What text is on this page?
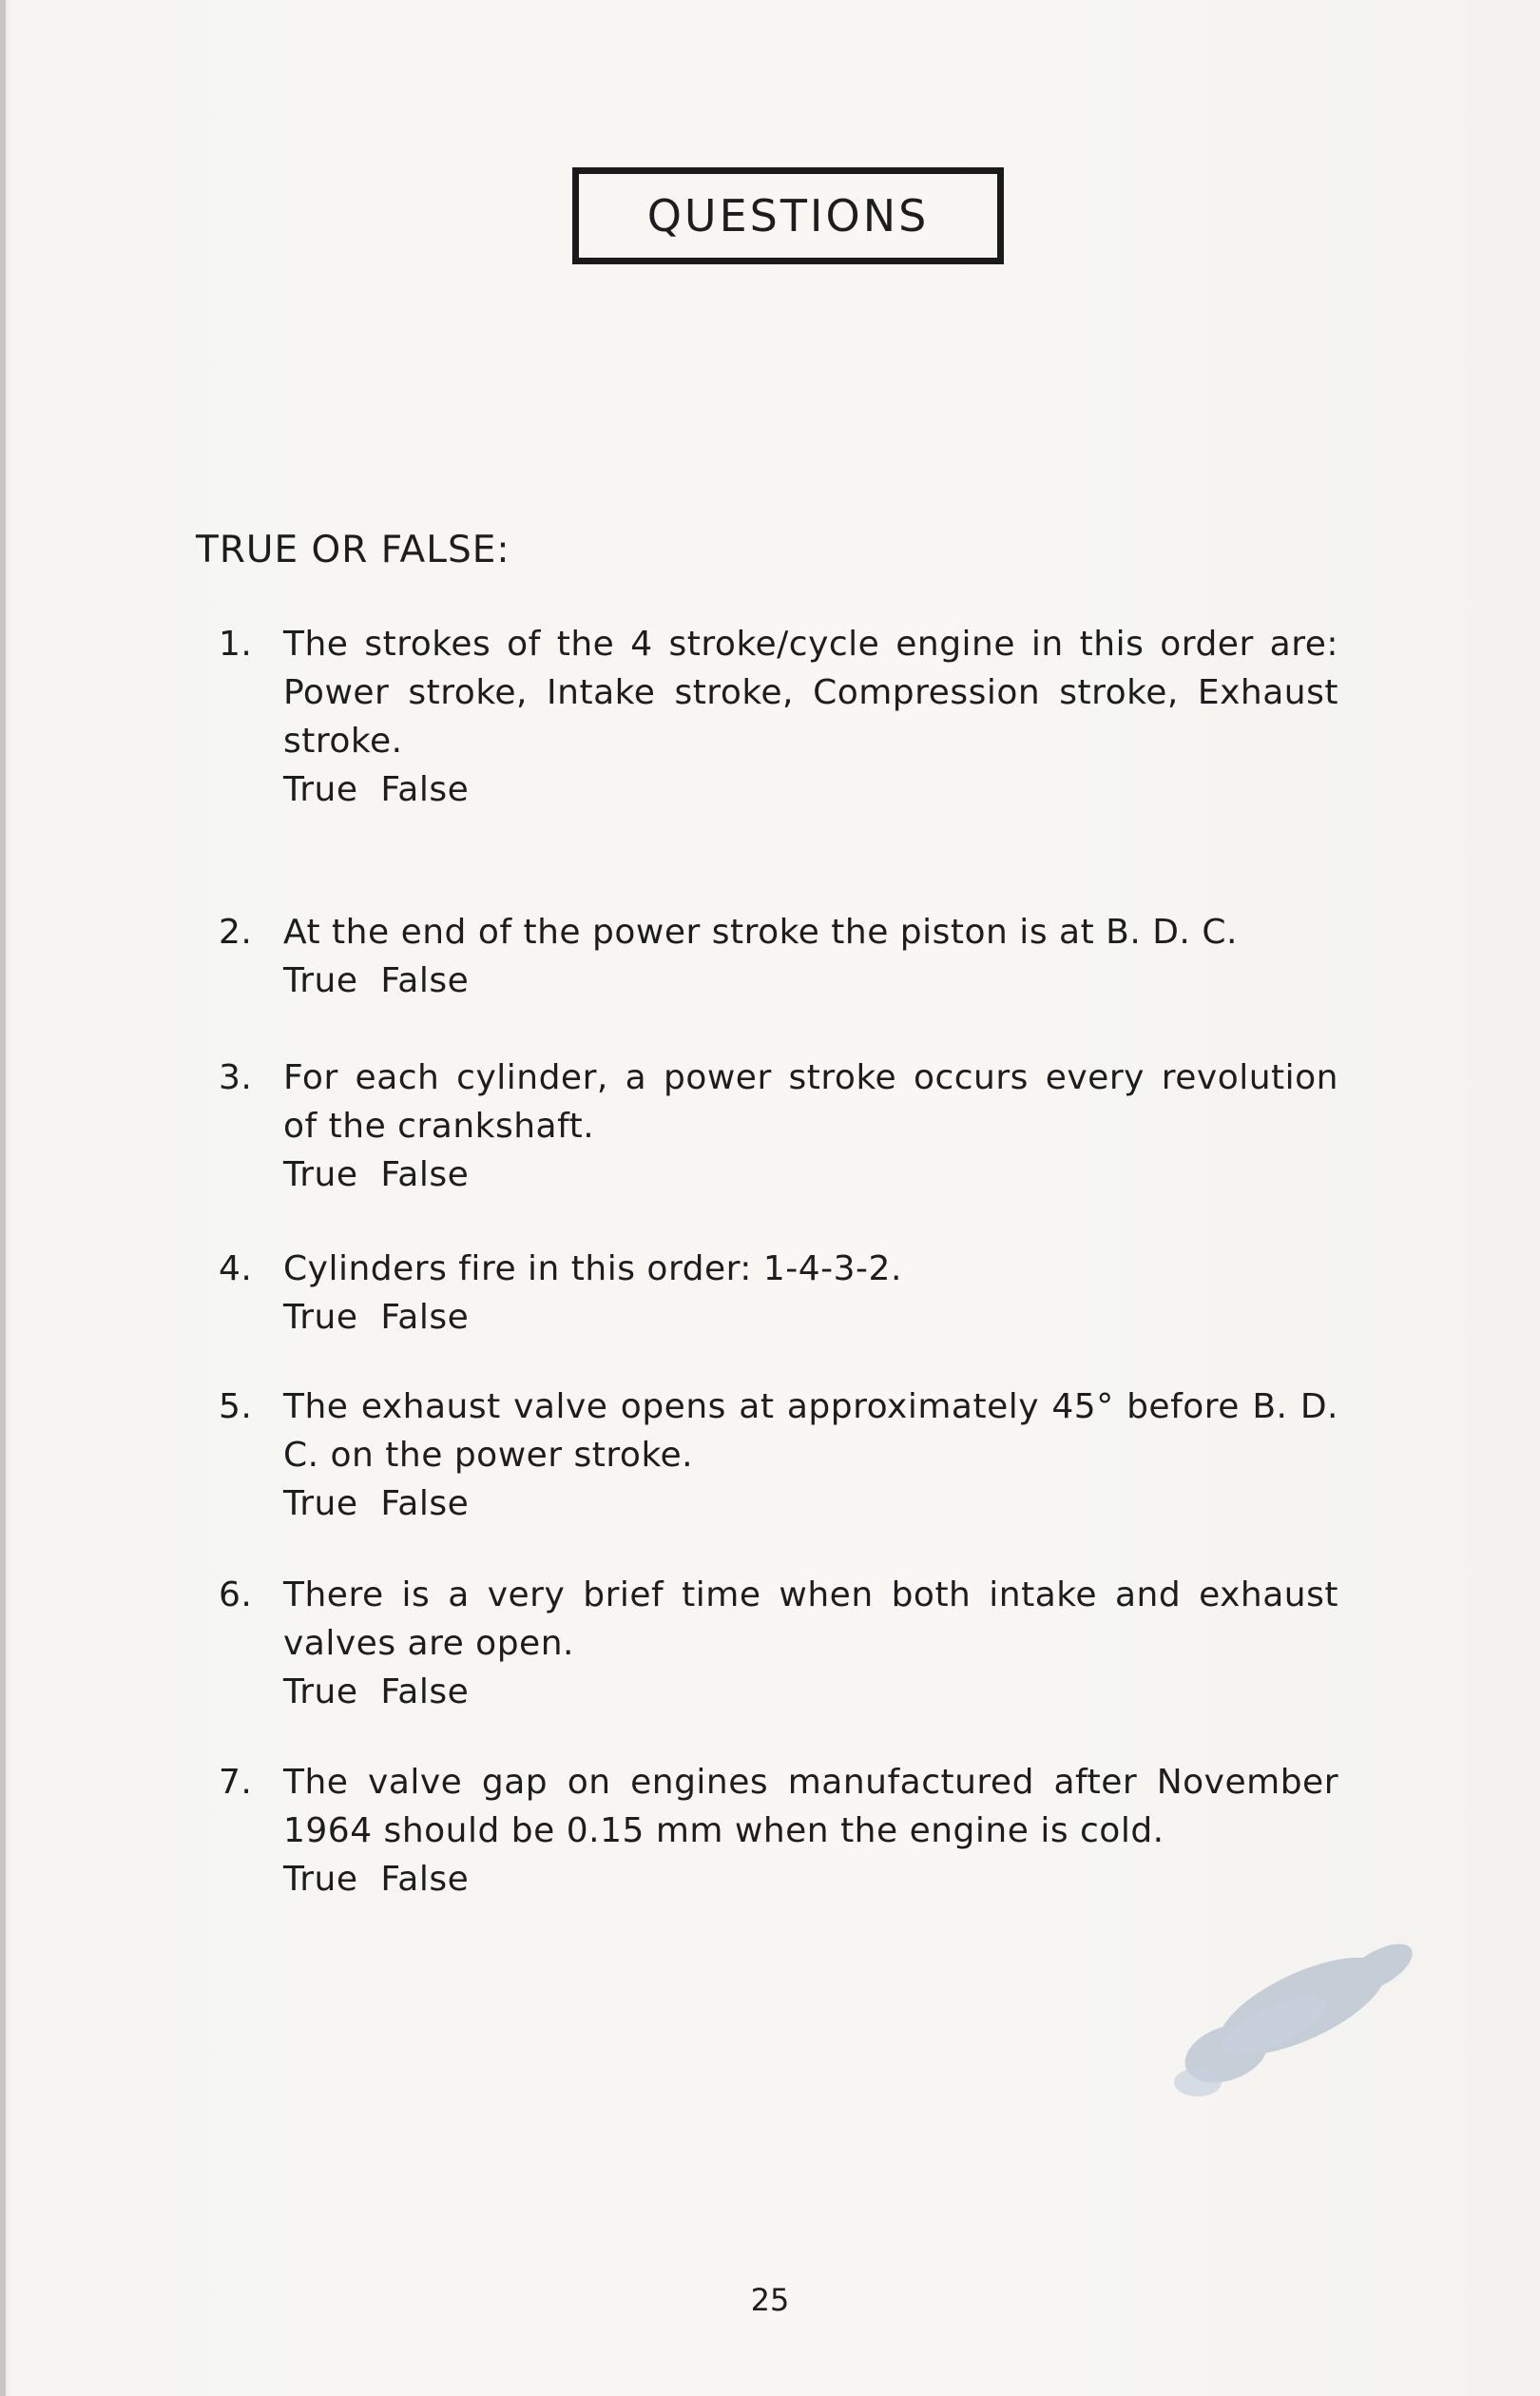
QUESTIONS
TRUE OR FALSE:
1. The strokes of the 4 stroke/cycle engine in this order are: Power stroke, Intake stroke, Compression stroke, Exhaust stroke.
True  False
2. At the end of the power stroke the piston is at B. D. C.
True  False
3. For each cylinder, a power stroke occurs every revolution of the crankshaft.
True  False
4. Cylinders fire in this order: 1-4-3-2.
True  False
5. The exhaust valve opens at approximately 45° before B. D. C. on the power stroke.
True  False
6. There is a very brief time when both intake and exhaust valves are open.
True  False
7. The valve gap on engines manufactured after November 1964 should be 0.15 mm when the engine is cold.
True  False
25
